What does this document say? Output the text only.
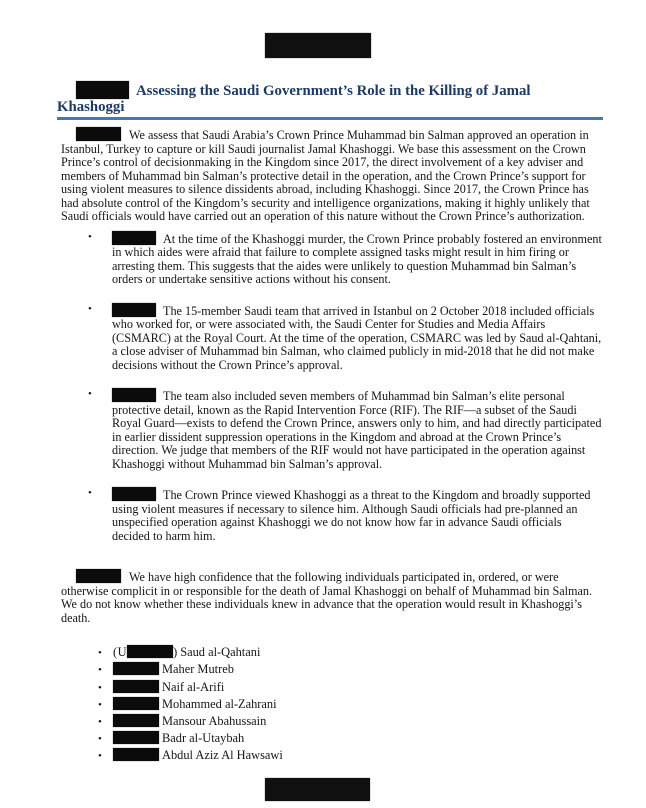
Assessing the Saudi Government’s Role in the Killing of Jamal
Khashoggi

We assess that Saudi Arabia’s Crown Prince Muhammad bin Salman approved an operation in Istanbul, Turkey to capture or kill Saudi journalist Jamal Khashoggi. We base this assessment on the Crown Prince’s control of decisionmaking in the Kingdom since 2017, the direct involvement of a key adviser and members of Muhammad bin Salman’s protective detail in the operation, and the Crown Prince’s support for using violent measures to silence dissidents abroad, including Khashoggi. Since 2017, the Crown Prince has had absolute control of the Kingdom’s security and intelligence organizations, making it highly unlikely that Saudi officials would have carried out an operation of this nature without the Crown Prince’s authorization.

•	At the time of the Khashoggi murder, the Crown Prince probably fostered an environment in which aides were afraid that failure to complete assigned tasks might result in him firing or arresting them. This suggests that the aides were unlikely to question Muhammad bin Salman’s orders or undertake sensitive actions without his consent.
•	The 15-member Saudi team that arrived in Istanbul on 2 October 2018 included officials who worked for, or were associated with, the Saudi Center for Studies and Media Affairs (CSMARC) at the Royal Court. At the time of the operation, CSMARC was led by Saud al-Qahtani, a close adviser of Muhammad bin Salman, who claimed publicly in mid-2018 that he did not make decisions without the Crown Prince’s approval.
•	The team also included seven members of Muhammad bin Salman’s elite personal protective detail, known as the Rapid Intervention Force (RIF). The RIF—a subset of the Saudi Royal Guard—exists to defend the Crown Prince, answers only to him, and had directly participated in earlier dissident suppression operations in the Kingdom and abroad at the Crown Prince’s direction. We judge that members of the RIF would not have participated in the operation against Khashoggi without Muhammad bin Salman’s approval.
•	The Crown Prince viewed Khashoggi as a threat to the Kingdom and broadly supported using violent measures if necessary to silence him. Although Saudi officials had pre-planned an unspecified operation against Khashoggi we do not know how far in advance Saudi officials decided to harm him.

We have high confidence that the following individuals participated in, ordered, or were otherwise complicit in or responsible for the death of Jamal Khashoggi on behalf of Muhammad bin Salman. We do not know whether these individuals knew in advance that the operation would result in Khashoggi’s death.

• (U	) Saud al-Qahtani
•	Maher Mutreb
•	Naif al-Arifi
•	Mohammed al-Zahrani
•	Mansour Abahussain
•	Badr al-Utaybah
•	Abdul Aziz Al Hawsawi
